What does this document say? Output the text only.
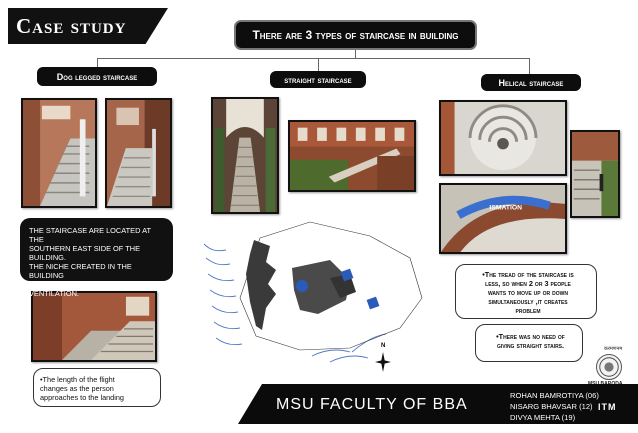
Case study	There are 3 types of staircase in building
Dog legged staircase	straight staircase	Helical staircase
ISMATION
N
THE STAIRCASE ARE LOCATED AT THE
SOUTHERN EAST SIDE OF THE
BUILDING.
THE NICHE CREATED IN THE BUILDING
SHAPE , CREATES WIND VENTILATION.
•The length of the flight
changes as the person
approaches to the landing
•The tread of the staircase is
less, so when 2 or 3 people
wants to move up or down
simultaneously ,it creates
problem
•There was no need of
giving straight stairs.	करमणनम
MSU FACULTY OF BBA
ROHAN BAMROTIYA (06)
NISARG BHAVSAR (12)
DIVYA MEHTA (19)
ITM
